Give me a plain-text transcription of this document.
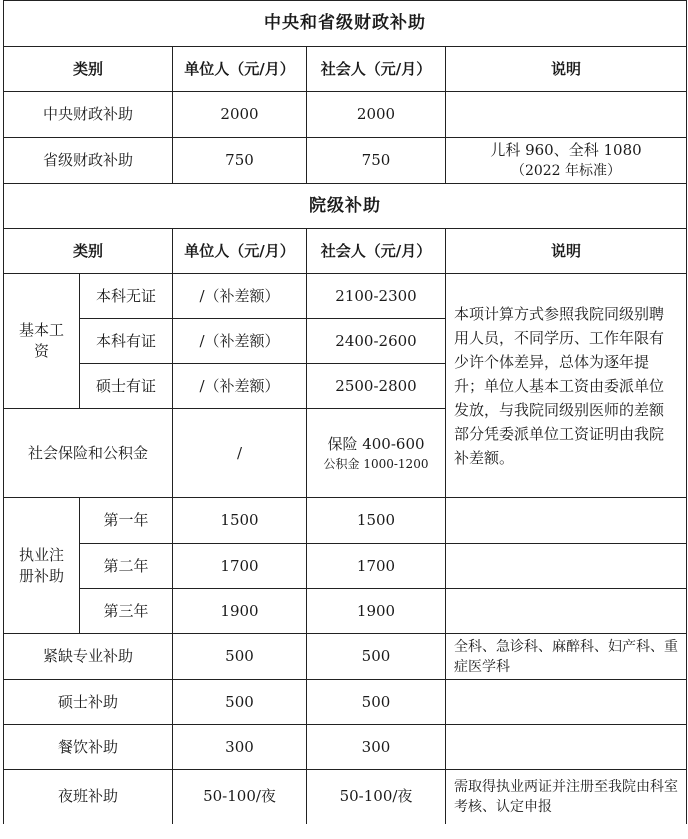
中央和省级财政补助				
类别		单位人（元/月）	社会人（元/月）	说明
中央财政补助		2000	2000	
省级财政补助		750	750	儿科 960、全科 1080
（2022 年标准）

院级补助				
类别		单位人（元/月）	社会人（元/月）	说明
基本工资	本科无证	/（补差额）	2100-2300	本项计算方式参照我院同级别聘用人员，不同学历、工作年限有少许个体差异，总体为逐年提升；单位人基本工资由委派单位发放，与我院同级别医师的差额部分凭委派单位工资证明由我院补差额。
	本科有证	/（补差额）	2400-2600	
	硕士有证	/（补差额）	2500-2800	
社会保险和公积金		/	保险 400-600
公积金 1000-1200	

执业注册补助	第一年	1500	1500	
	第二年	1700	1700	
	第三年	1900	1900	
紧缺专业补助		500	500	全科、急诊科、麻醉科、妇产科、重症医学科
硕士补助		500	500	
餐饮补助		300	300	
夜班补助		50-100/夜	50-100/夜	需取得执业两证并注册至我院由科室考核、认定申报
